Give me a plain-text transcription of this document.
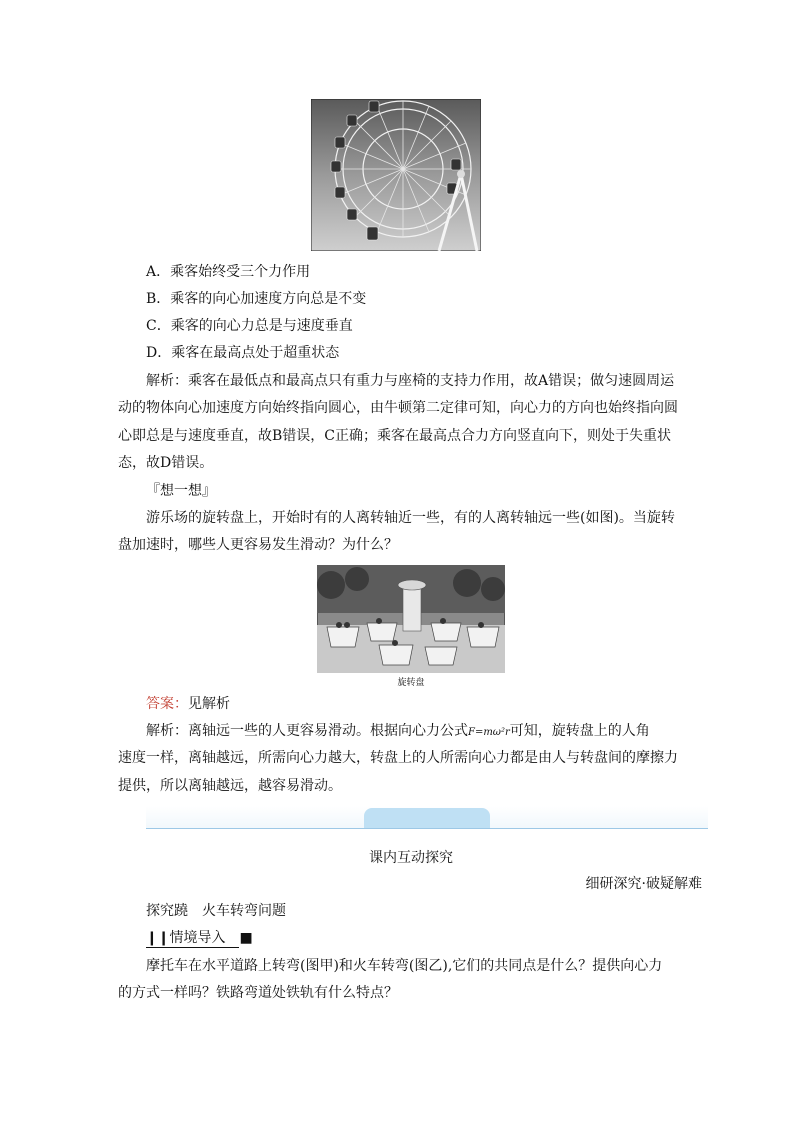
A．乘客始终受三个力作用

B．乘客的向心加速度方向总是不变

C．乘客的向心力总是与速度垂直

D．乘客在最高点处于超重状态

解析：乘客在最低点和最高点只有重力与座椅的支持力作用，故A错误；做匀速圆周运

动的物体向心加速度方向始终指向圆心，由牛顿第二定律可知，向心力的方向也始终指向圆

心即总是与速度垂直，故B错误，C正确；乘客在最高点合力方向竖直向下，则处于失重状

态，故D错误。

『想一想』

游乐场的旋转盘上，开始时有的人离转轴近一些，有的人离转轴远一些(如图)。当旋转

盘加速时，哪些人更容易发生滑动？为什么？

旋转盘

答案：见解析

解析：离轴远一些的人更容易滑动。根据向心力公式F=mω²r可知，旋转盘上的人角

速度一样，离轴越远，所需向心力越大，转盘上的人所需向心力都是由人与转盘间的摩擦力

提供，所以离轴越远，越容易滑动。

课内互动探究

细研深究·破疑解难

探究蹺　火车转弯问题

❙❙情境导入　 ■

摩托车在水平道路上转弯(图甲)和火车转弯(图乙),它们的共同点是什么？提供向心力

的方式一样吗？铁路弯道处铁轨有什么特点？
